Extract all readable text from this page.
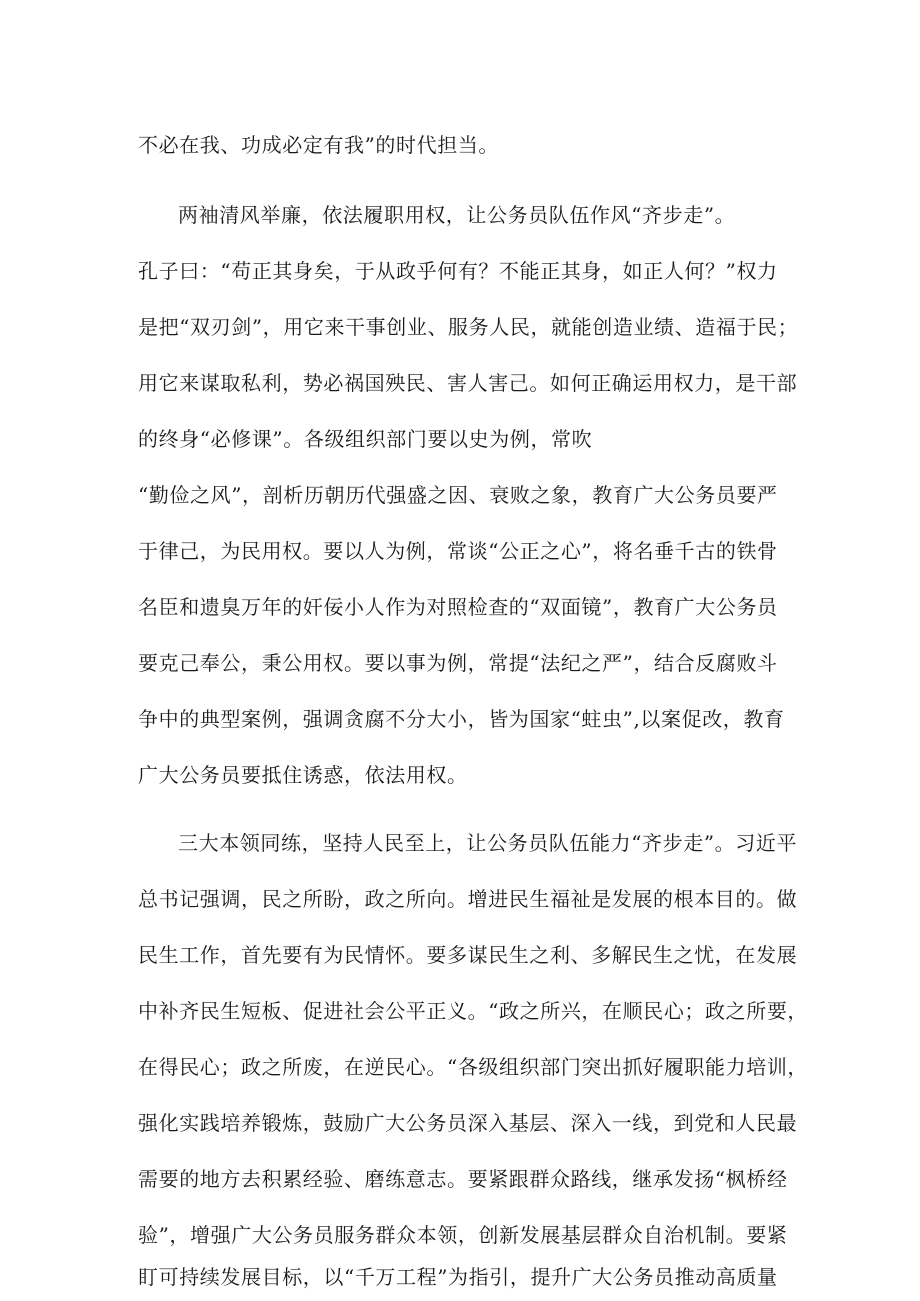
不必在我、功成必定有我”的时代担当。
两袖清风举廉，依法履职用权，让公务员队伍作风“齐步走”。
孔子曰：“苟正其身矣，于从政乎何有？不能正其身，如正人何？”权力
是把“双刃剑”，用它来干事创业、服务人民，就能创造业绩、造福于民；
用它来谋取私利，势必祸国殃民、害人害己。如何正确运用权力，是干部
的终身“必修课”。各级组织部门要以史为例，常吹
“勤俭之风”，剖析历朝历代强盛之因、衰败之象，教育广大公务员要严
于律己，为民用权。要以人为例，常谈“公正之心”，将名垂千古的铁骨
名臣和遗臭万年的奸佞小人作为对照检查的“双面镜”，教育广大公务员
要克己奉公，秉公用权。要以事为例，常提“法纪之严”，结合反腐败斗
争中的典型案例，强调贪腐不分大小，皆为国家“蛀虫”,以案促改，教育
广大公务员要抵住诱惑，依法用权。
三大本领同练，坚持人民至上，让公务员队伍能力“齐步走”。习近平
总书记强调，民之所盼，政之所向。增进民生福祉是发展的根本目的。做
民生工作，首先要有为民情怀。要多谋民生之利、多解民生之忧，在发展
中补齐民生短板、促进社会公平正义。“政之所兴，在顺民心；政之所要，
在得民心；政之所废，在逆民心。“各级组织部门突出抓好履职能力培训，
强化实践培养锻炼，鼓励广大公务员深入基层、深入一线，到党和人民最
需要的地方去积累经验、磨练意志。要紧跟群众路线，继承发扬“枫桥经
验”，增强广大公务员服务群众本领，创新发展基层群众自治机制。要紧
盯可持续发展目标，以“千万工程”为指引，提升广大公务员推动高质量
